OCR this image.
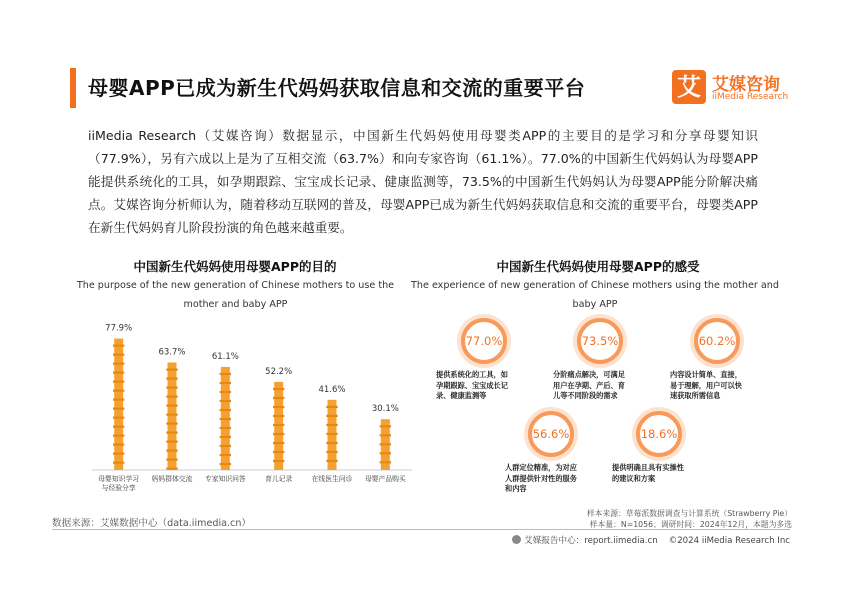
母婴APP已成为新生代妈妈获取信息和交流的重要平台	艾 艾媒咨询
iiMedia Research
iiMedia Research（艾媒咨询）数据显示，中国新生代妈妈使用母婴类APP的主要目的是学习和分享母婴知识（77.9%），另有六成以上是为了互相交流（63.7%）和向专家咨询（61.1%）。77.0%的中国新生代妈妈认为母婴APP能提供系统化的工具，如孕期跟踪、宝宝成长记录、健康监测等，73.5%的中国新生代妈妈认为母婴APP能分阶解决痛点。艾媒咨询分析师认为，随着移动互联网的普及，母婴APP已成为新生代妈妈获取信息和交流的重要平台，母婴类APP在新生代妈妈育儿阶段扮演的角色越来越重要。
中国新生代妈妈使用母婴APP的目的
The purpose of the new generation of Chinese mothers to use the mother and baby APP
77.9%
母婴知识学习
与经验分享
63.7%
妈妈群体交流
61.1%
专家知识问答
52.2%
育儿记录
41.6%
在线医生问诊
30.1%
母婴产品购买
中国新生代妈妈使用母婴APP的感受
The experience of new generation of Chinese mothers using the mother and baby APP
77.0%	73.5%	60.2%
56.6%	18.6%
提供系统化的工具，如
孕期跟踪、宝宝成长记
录、健康监测等
分阶痛点解决，可满足
用户在孕期、产后、育
儿等不同阶段的需求
内容设计简单、直接，
易于理解，用户可以快
速获取所需信息
人群定位精准，为对应
人群提供针对性的服务
和内容
提供明确且具有实操性
的建议和方案
样本来源：草莓派数据调查与计算系统（Strawberry Pie）
样本量：N=1056；调研时间：2024年12月，本题为多选
数据来源：艾媒数据中心（data.iimedia.cn）
艾媒报告中心：report.iimedia.cn ©2024 iiMedia Research Inc
